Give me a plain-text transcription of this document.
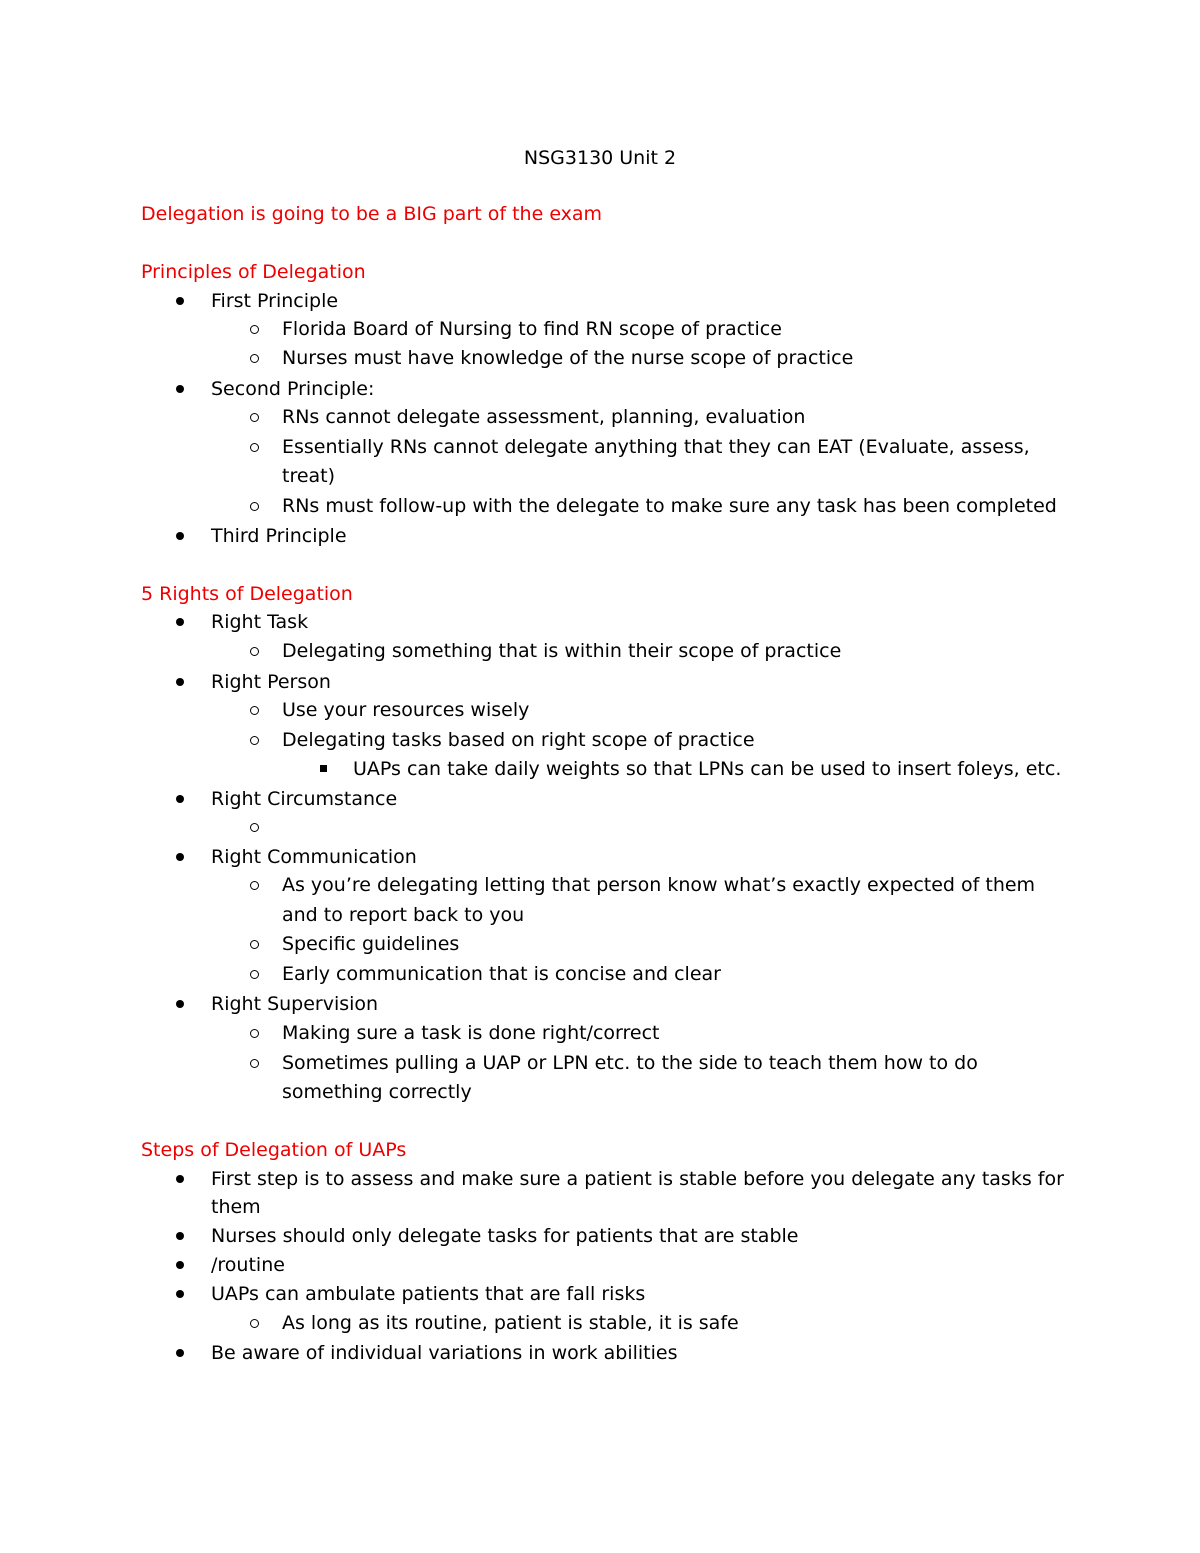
NSG3130 Unit 2
Delegation is going to be a BIG part of the exam
Principles of Delegation
First Principle
Florida Board of Nursing to find RN scope of practice
Nurses must have knowledge of the nurse scope of practice
Second Principle:
RNs cannot delegate assessment, planning, evaluation
Essentially RNs cannot delegate anything that they can EAT (Evaluate, assess,
treat)
RNs must follow-up with the delegate to make sure any task has been completed
Third Principle
5 Rights of Delegation
Right Task
Delegating something that is within their scope of practice
Right Person
Use your resources wisely
Delegating tasks based on right scope of practice
UAPs can take daily weights so that LPNs can be used to insert foleys, etc.
Right Circumstance
Right Communication
As you’re delegating letting that person know what’s exactly expected of them
and to report back to you
Specific guidelines
Early communication that is concise and clear
Right Supervision
Making sure a task is done right/correct
Sometimes pulling a UAP or LPN etc. to the side to teach them how to do
something correctly
Steps of Delegation of UAPs
First step is to assess and make sure a patient is stable before you delegate any tasks for
them
Nurses should only delegate tasks for patients that are stable
/routine
UAPs can ambulate patients that are fall risks
As long as its routine, patient is stable, it is safe
Be aware of individual variations in work abilities
